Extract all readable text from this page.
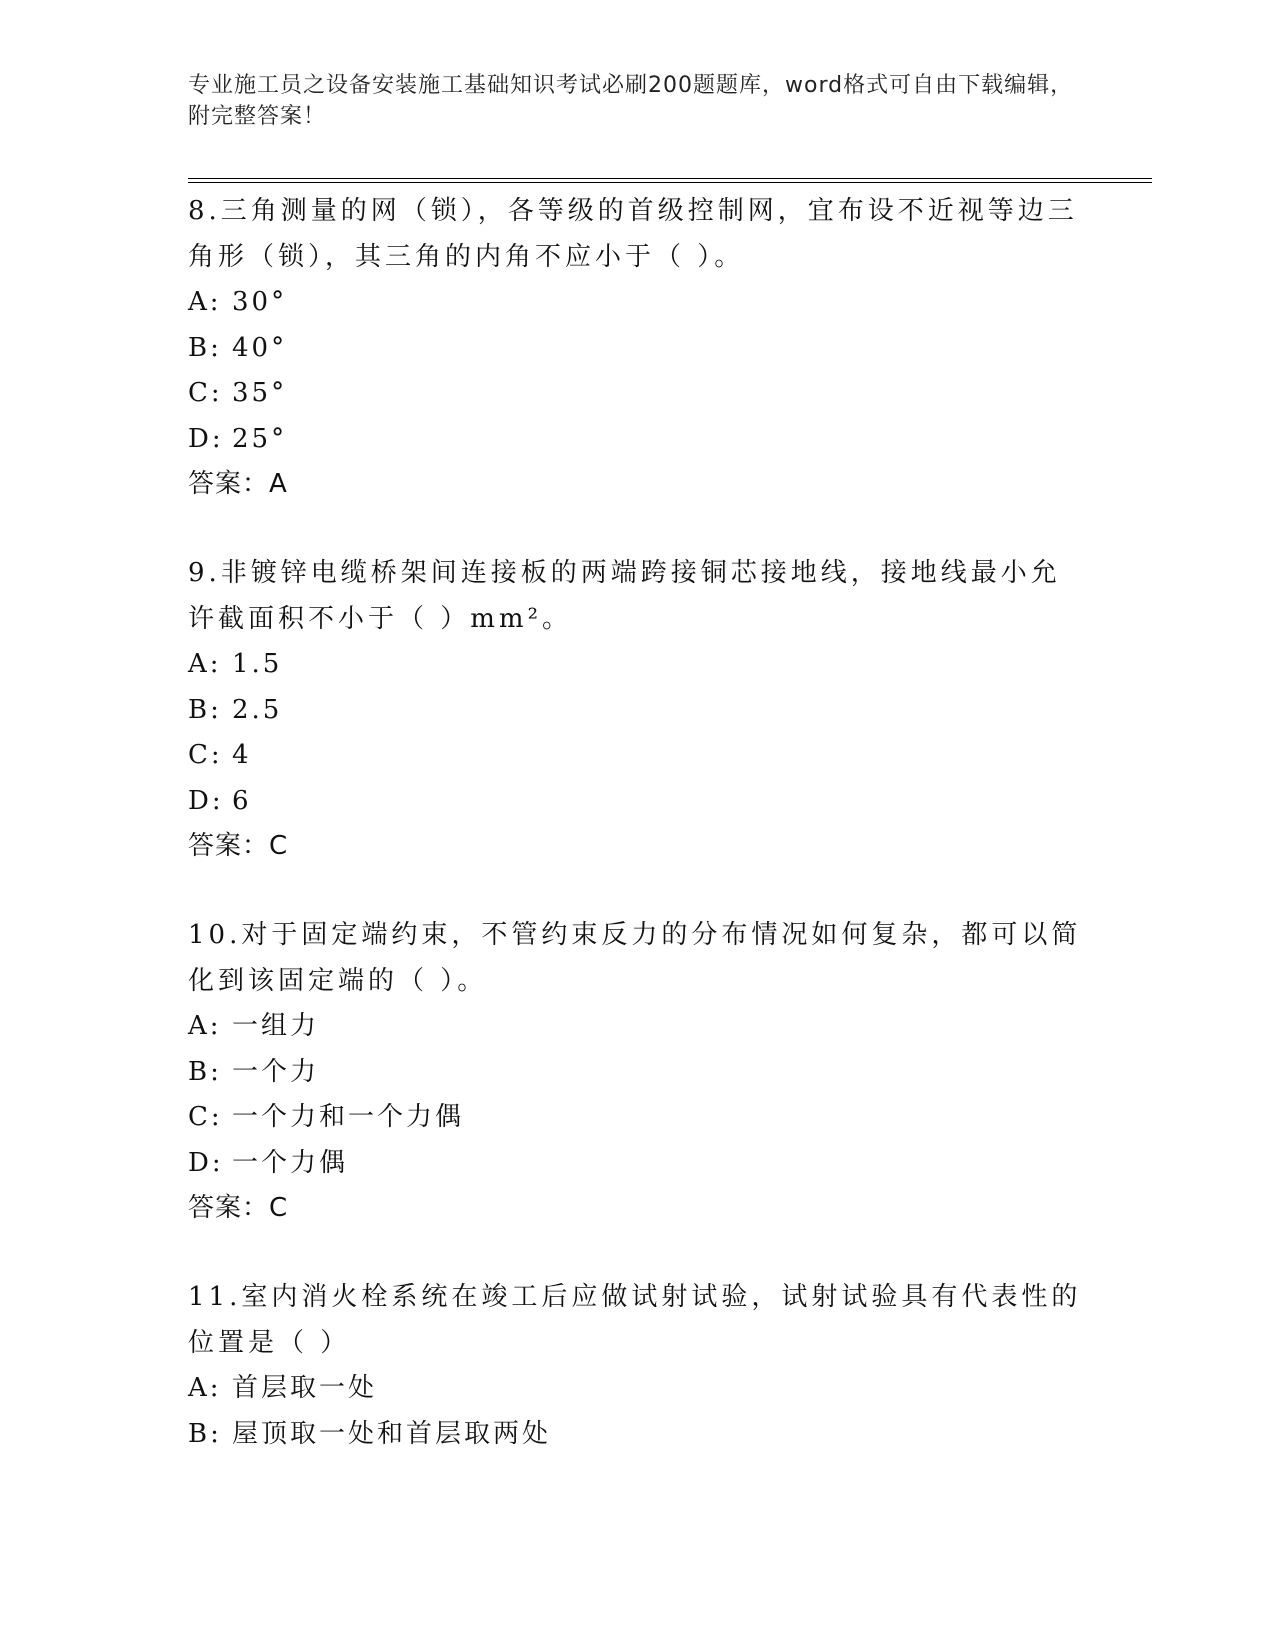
专业施工员之设备安装施工基础知识考试必刷200题题库，word格式可自由下载编辑，附完整答案！
8.三角测量的网（锁），各等级的首级控制网，宜布设不近视等边三角形（锁），其三角的内角不应小于（ ）。
A: 30°
B: 40°
C: 35°
D: 25°
答案：A
9.非镀锌电缆桥架间连接板的两端跨接铜芯接地线，接地线最小允许截面积不小于（ ）mm²。
A: 1.5
B: 2.5
C: 4
D: 6
答案：C
10.对于固定端约束，不管约束反力的分布情况如何复杂，都可以简化到该固定端的（ ）。
A: 一组力
B: 一个力
C: 一个力和一个力偶
D: 一个力偶
答案：C
11.室内消火栓系统在竣工后应做试射试验，试射试验具有代表性的位置是（ ）
A: 首层取一处
B: 屋顶取一处和首层取两处
